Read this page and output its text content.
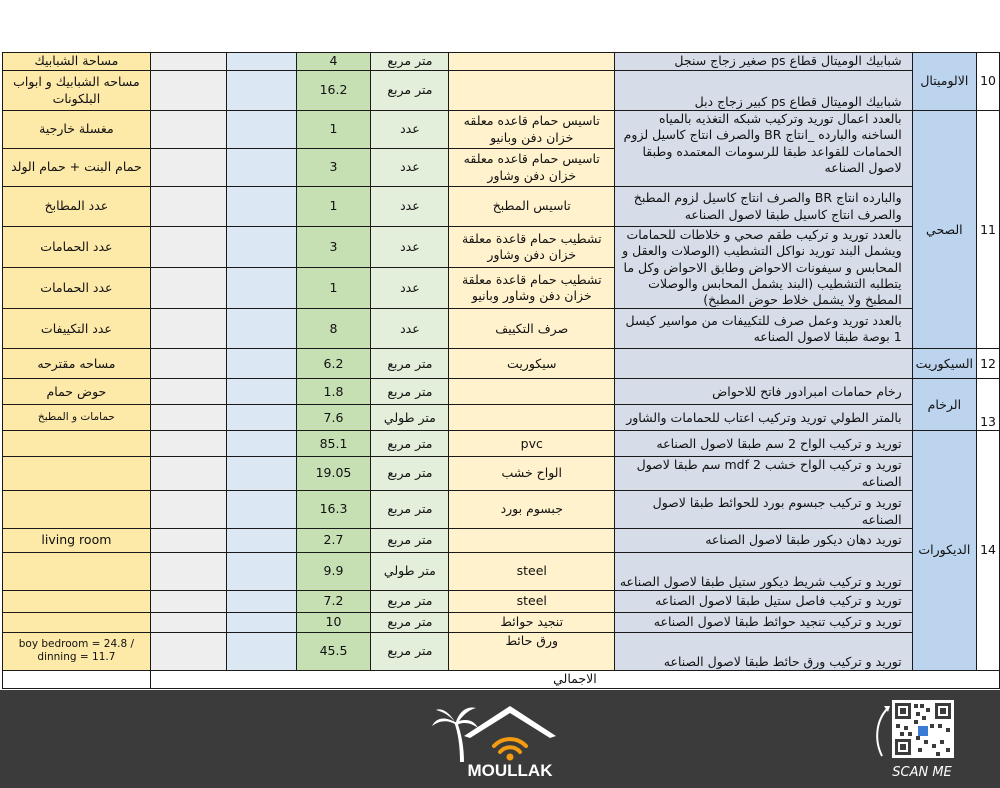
مساحة الشبابيك			4	متر مربع		شبابيك الوميتال قطاع ps صغير زجاج سنجل	الالوميتال	10
مساحه الشبابيك و ابواب البلكونات			16.2	متر مربع		شبابيك الوميتال قطاع ps كبير زجاج دبل		
مغسلة خارجية			1	عدد	تاسيس حمام قاعده معلقه خزان دفن وبانيو	بالعدد اعمال توريد وتركيب شبكه التغذيه بالمياه الساخنه والبارده _انتاج BR والصرف انتاج كاسيل لزوم الحمامات للقواعد طبقا للرسومات المعتمده وطبقا لاصول الصناعه	الصحي	11
حمام البنت + حمام الولد			3	عدد	تاسيس حمام قاعده معلقه خزان دفن وشاور			
عدد المطابخ			1	عدد	تاسيس المطبخ	والبارده انتاج BR والصرف انتاج كاسيل لزوم المطبخ والصرف انتاج كاسيل طبقا لاصول الصناعه		
عدد الحمامات			3	عدد	تشطيب حمام قاعدة معلقة خزان دفن وشاور	بالعدد توريد و تركيب طقم صحي و خلاطات للحمامات ويشمل البند توريد نواكل التشطيب (الوصلات والعقل و المحابس و سيفونات الاحواض وطابق الاحواض وكل ما يتطلبه التشطيب (البند يشمل المحابس والوصلات المطبخ ولا يشمل خلاط حوض المطبخ)		
عدد الحمامات			1	عدد	تشطيب حمام قاعدة معلقة خزان دفن وشاور وبانيو			
عدد التكييفات			8	عدد	صرف التكييف	بالعدد توريد وعمل صرف للتكييفات من مواسير كيسل 1 بوصة طبقا لاصول الصناعه		
مساحه مقترحه			6.2	متر مربع	سيكوريت		السيكوريت	12
حوض حمام			1.8	متر مربع		رخام حمامات امبرادور فاتح للاحواض	الرخام	13
حمامات و المطبخ			7.6	متر طولي		بالمتر الطولي توريد وتركيب اعتاب للحمامات والشاور		
			85.1	متر مربع	pvc	توريد و تركيب الواح 2 سم طبقا لاصول الصناعه	الديكورات	14
			19.05	متر مربع	الواح خشب	توريد و تركيب الواح خشب mdf 2 سم طبقا لاصول الصناعه		
			16.3	متر مربع	جبسوم بورد	توريد و تركيب جبسوم بورد للحوائط طبقا لاصول الصناعه		
living room			2.7	متر مربع		توريد دهان ديكور طبقا لاصول الصناعه		
			9.9	متر طولي	steel	توريد و تركيب شريط ديكور ستيل طبقا لاصول الصناعه		
			7.2	متر مربع	steel	توريد و تركيب فاصل ستيل طبقا لاصول الصناعه		
			10	متر مربع	تنجيد حوائط	توريد و تركيب تنجيد حوائط طبقا لاصول الصناعه		
boy bedroom = 24.8 / dinning = 11.7			45.5	متر مربع	ورق حائط	توريد و تركيب ورق حائط طبقا لاصول الصناعه		
	الاجمالي							
MOULLAK	SCAN ME
